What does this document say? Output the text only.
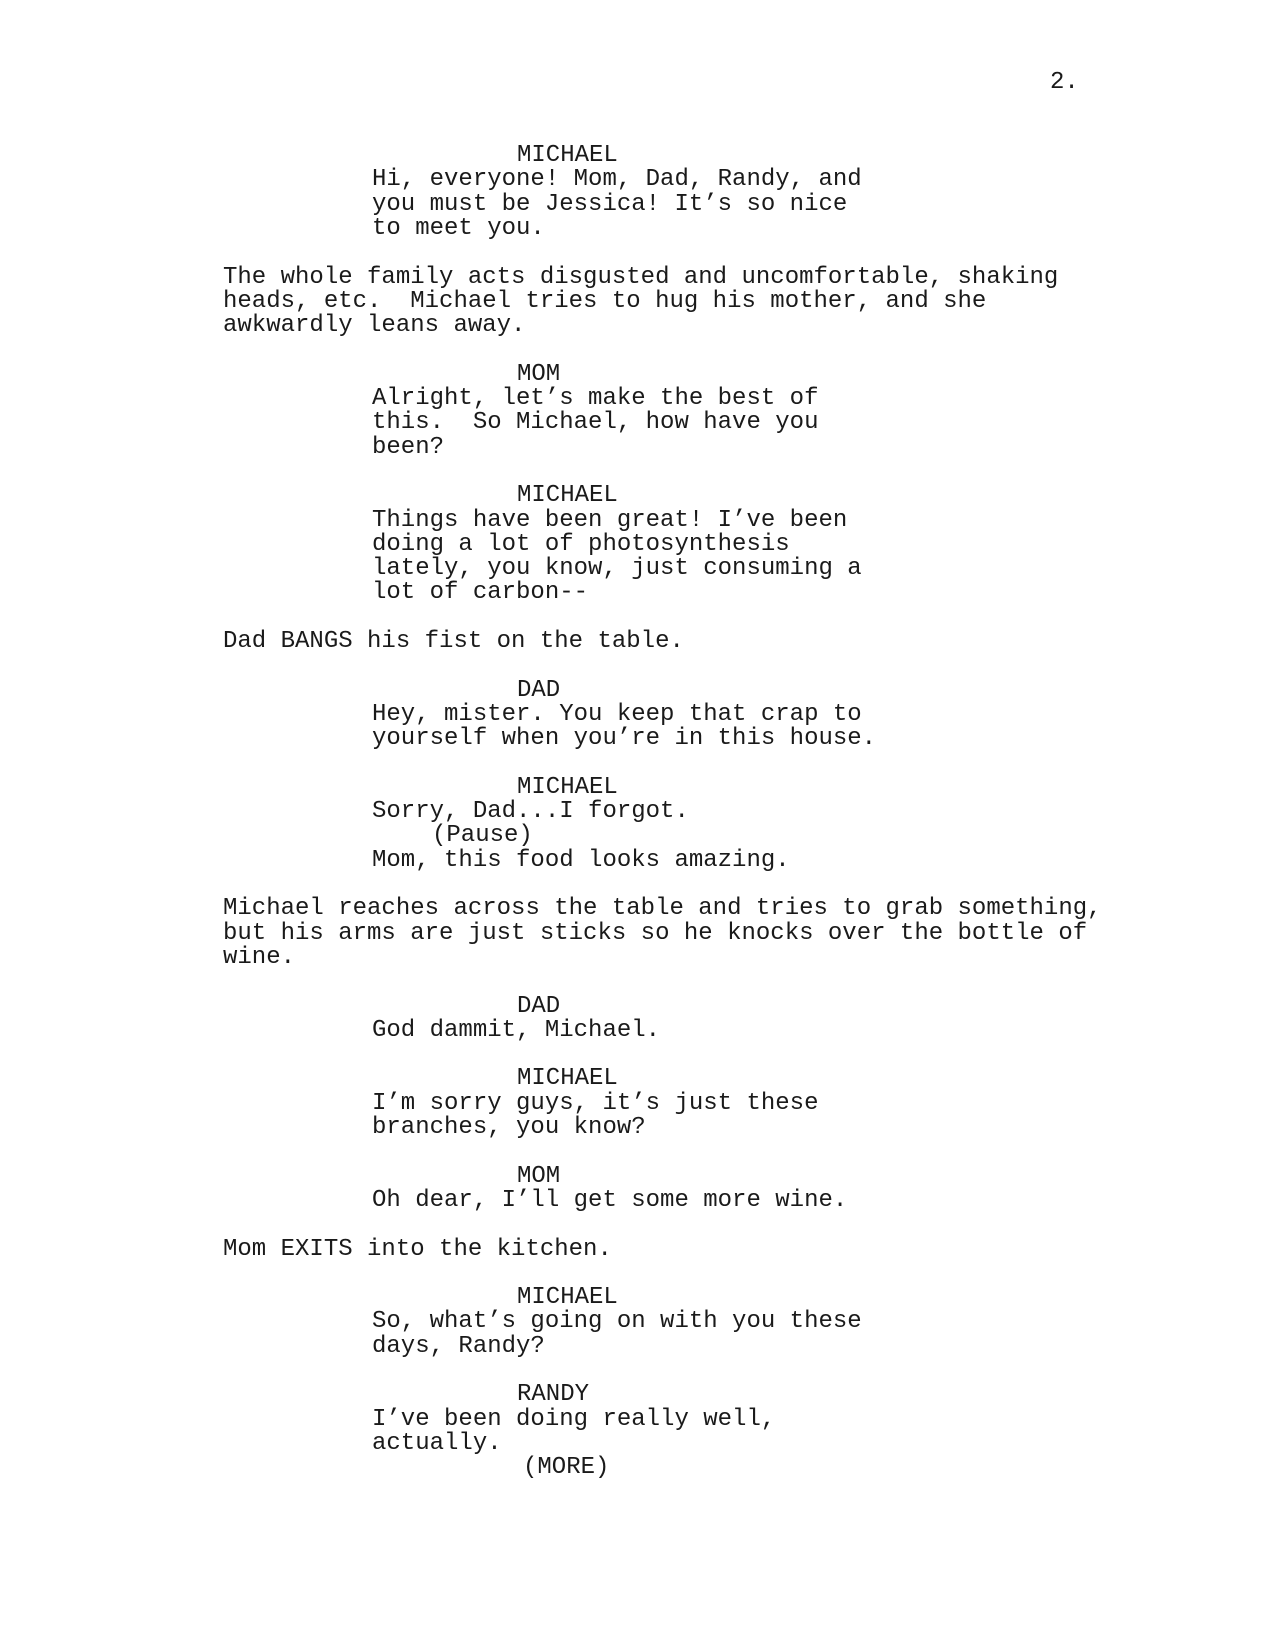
2.
MICHAEL
Hi, everyone! Mom, Dad, Randy, and
you must be Jessica! It’s so nice
to meet you.
The whole family acts disgusted and uncomfortable, shaking
heads, etc.  Michael tries to hug his mother, and she
awkwardly leans away.
MOM
Alright, let’s make the best of
this.  So Michael, how have you
been?
MICHAEL
Things have been great! I’ve been
doing a lot of photosynthesis
lately, you know, just consuming a
lot of carbon--
Dad BANGS his fist on the table.
DAD
Hey, mister. You keep that crap to
yourself when you’re in this house.
MICHAEL
Sorry, Dad...I forgot.
(Pause)
Mom, this food looks amazing.
Michael reaches across the table and tries to grab something,
but his arms are just sticks so he knocks over the bottle of
wine.
DAD
God dammit, Michael.
MICHAEL
I’m sorry guys, it’s just these
branches, you know?
MOM
Oh dear, I’ll get some more wine.
Mom EXITS into the kitchen.
MICHAEL
So, what’s going on with you these
days, Randy?
RANDY
I’ve been doing really well,
actually.
(MORE)
